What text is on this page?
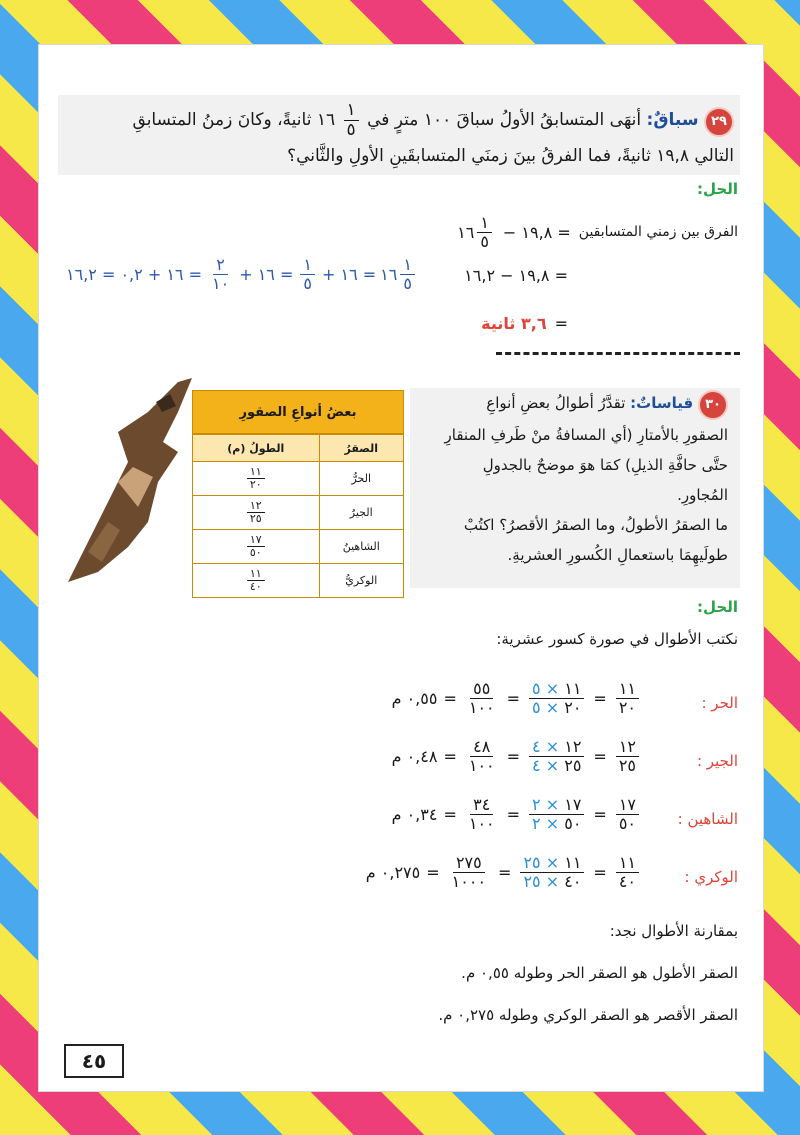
٢٩ سباقٌ: أنهَى المتسابقُ الأولُ سباقَ ١٠٠ مترٍ في
$\frac{١}{٥}$
١٦ ثانيةً، وكانَ زمنُ المتسابقِ
التالي ١٩,٨ ثانيةً، فما الفرقُ بينَ زمنَي المتسابقَينِ الأولِ والثَّاني؟
الحل:
الفرق بين زمني المتسابقين
= ١٩,٨ −
$\frac{١}{٥}$
١٦
= ١٩,٨ − ١٦,٢
$\frac{١}{٥}$
١٦
= ١٦ +
$\frac{١}{٥}$
= ١٦ +
$\frac{٢}{١٠}$
= ١٦ + ٠,٢ = ١٦,٢
=
٣,٦ ثانية
بعضُ أنواعِ الصقورِ
الصقرُ	الطولُ (م)
الحرُّ	$\frac{١١}{٢٠}$

الجيرُ	$\frac{١٢}{٢٥}$

الشاهينُ	$\frac{١٧}{٥٠}$

الوكريُّ	$\frac{١١}{٤٠}$

٣٠ قياساتٌ: تقدَّرُ أطوالُ بعضِ أنواعِ

الصقورِ بالأمتارِ (أي المسافةُ منْ طَرفِ المنقارِ

حتَّى حافَّةِ الذيلِ) كمَا هوَ موضحٌ بالجدولِ

المُجاورِ.

ما الصقرُ الأطولُ، وما الصقرُ الأقصرُ؟ اكتُبْ

طولَيهِمَا باستعمالِ الكُسورِ العشريةِ.

الحل:
نكتب الأطوال في صورة كسور عشرية:
الحر :
$\frac{١١}{٢٠}$
=
$\frac{١١ \times ٥}{٢٠ \times ٥}$
=
$\frac{٥٥}{١٠٠}$
=
٠,٥٥ م
الجير :
$\frac{١٢}{٢٥}$
=
$\frac{١٢ \times ٤}{٢٥ \times ٤}$
=
$\frac{٤٨}{١٠٠}$
=
٠,٤٨ م
الشاهين :
$\frac{١٧}{٥٠}$
=
$\frac{١٧ \times ٢}{٥٠ \times ٢}$
=
$\frac{٣٤}{١٠٠}$
=
٠,٣٤ م
الوكري :
$\frac{١١}{٤٠}$
=
$\frac{١١ \times ٢٥}{٤٠ \times ٢٥}$
=
$\frac{٢٧٥}{١٠٠٠}$
=
٠,٢٧٥ م
بمقارنة الأطوال نجد:
الصقر الأطول هو الصقر الحر وطوله ٠,٥٥ م.
الصقر الأقصر هو الصقر الوكري وطوله ٠,٢٧٥ م.
٤٥
